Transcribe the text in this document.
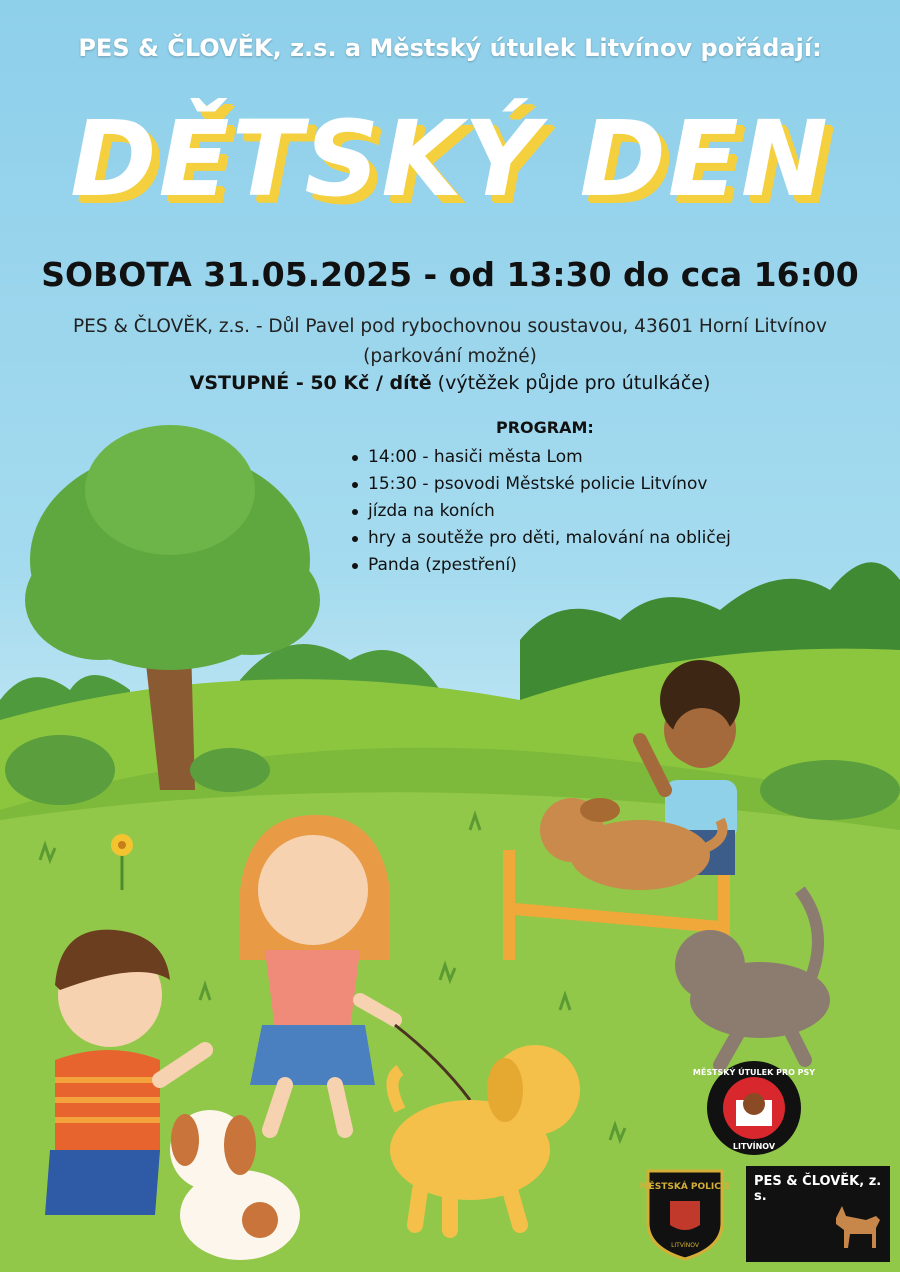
PES & ČLOVĚK, z.s. a Městský útulek Litvínov pořádají:
DĚTSKÝ DEN
SOBOTA 31.05.2025 - od 13:30 do cca 16:00
PES & ČLOVĚK, z.s. - Důl Pavel pod rybochovnou soustavou, 43601 Horní Litvínov
(parkování možné)
VSTUPNÉ - 50 Kč / dítě (výtěžek půjde pro útulkáče)
PROGRAM:
14:00 - hasiči města Lom
15:30 - psovodi Městské policie Litvínov
jízda na koních
hry a soutěže pro děti, malování na obličej
Panda (zpestření)
MĚSTSKÝ ÚTULEK PRO PSY
LITVÍNOV
MĚSTSKÁ POLICIE
LITVÍNOV
PES & ČLOVĚK, z. s.
